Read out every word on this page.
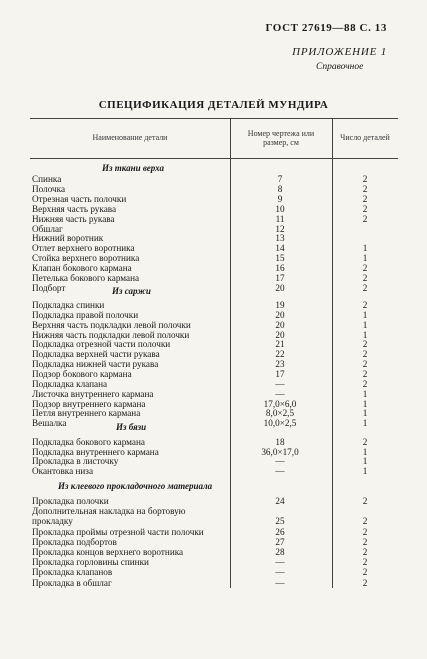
ГОСТ 27619—88 С. 13
ПРИЛОЖЕНИЕ 1
Справочное
СПЕЦИФИКАЦИЯ ДЕТАЛЕЙ МУНДИРА
Наименование детали	Номер чертежа или размер, см	Число деталей
Из ткани верха
Спинка	7	2
Полочка	8	2
Отрезная часть полочки	9	2
Верхняя часть рукава	10	2
Нижняя часть рукава	11	2
Обшлаг	12
Нижний воротник	13
Отлет верхнего воротника	14	1
Стойка верхнего воротника	15	1
Клапан бокового кармана	16	2
Петелька бокового кармана	17	2
Подборт	20	2
Из саржи
Подкладка спинки	19	2
Подкладка правой полочки	20	1
Верхняя часть подкладки левой полочки	20	1
Нижняя часть подкладки левой полочки	20	1
Подкладка отрезной части полочки	21	2
Подкладка верхней части рукава	22	2
Подкладка нижней части рукава	23	2
Подзор бокового кармана	17	2
Подкладка клапана	—	2
Листочка внутреннего кармана	—	1
Подзор внутреннего кармана	17,0×6,0	1
Петля внутреннего кармана	8,0×2,5	1
Вешалка	10,0×2,5	1
Из бязи
Подкладка бокового кармана	18	2
Подкладка внутреннего кармана	36,0×17,0	1
Прокладка в листочку	—	1
Окантовка низа	—	1
Из клеевого прокладочного материала
Прокладка полочки	24	2
Дополнительная накладка на бортовую
прокладку	25	2
Прокладка проймы отрезной части полочки	26	2
Прокладка подбортов	27	2
Прокладка концов верхнего воротника	28	2
Прокладка горловины спинки	—	2
Прокладка клапанов	—	2
Прокладка в обшлаг	—	2
